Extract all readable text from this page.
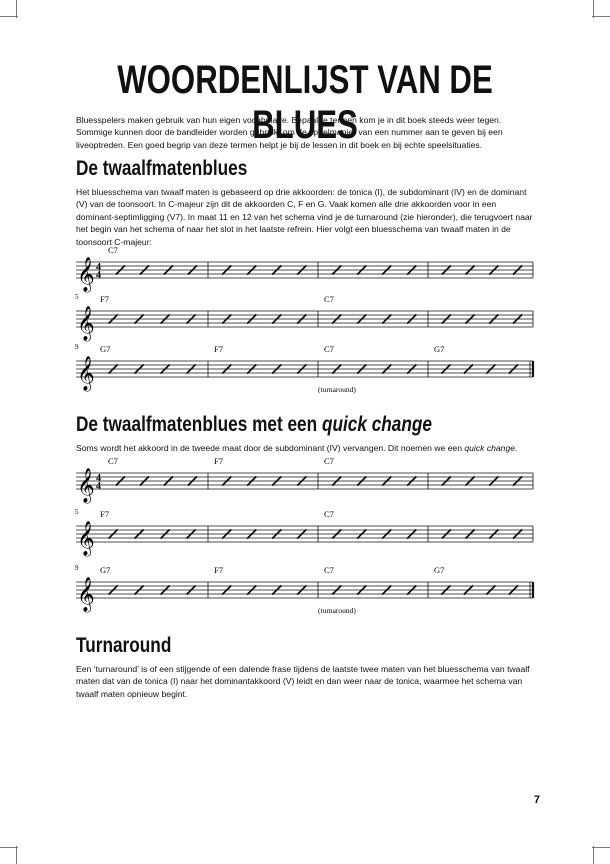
WOORDENLIJST VAN DE BLUES

Bluesspelers maken gebruik van hun eigen vocabulaire. Bepaalde termen kom je in dit boek steeds weer tegen. Sommige kunnen door de bandleider worden gebruikt om de speelmanier van een nummer aan te geven bij een liveoptreden. Een goed begrip van deze termen helpt je bij de lessen in dit boek en bij echte speelsituaties.

De twaalfmatenblues

Het bluesschema van twaalf maten is gebaseerd op drie akkoorden: de tonica (I), de subdominant (IV) en de dominant (V) van de toonsoort. In C-majeur zijn dit de akkoorden C, F en G. Vaak komen alle drie akkoorden voor in een dominant-septimligging (V7). In maat 11 en 12 van het schema vind je de turnaround (zie hieronder), die terugvoert naar het begin van het schema of naar het slot in het laatste refrein. Hier volgt een bluesschema van twaalf maten in de toonsoort C-majeur:

𝄞 4
4
C7
𝄞
5	F7	C7
𝄞
9	G7	F7	C7	G7
(turnaround)
De twaalfmatenblues met een quick change

Soms wordt het akkoord in de tweede maat door de subdominant (IV) vervangen. Dit noemen we een quick change.

𝄞 4
4
C7	F7	C7
𝄞
5	F7	C7
𝄞
9	G7	F7	C7	G7
(turnaround)
Turnaround

Een ‘turnaround’ is of een stijgende of een dalende frase tijdens de laatste twee maten van het bluesschema van twaalf maten dat van de tonica (I) naar het dominantakkoord (V) leidt en dan weer naar de tonica, waarmee het schema van twaalf maten opnieuw begint.

7
